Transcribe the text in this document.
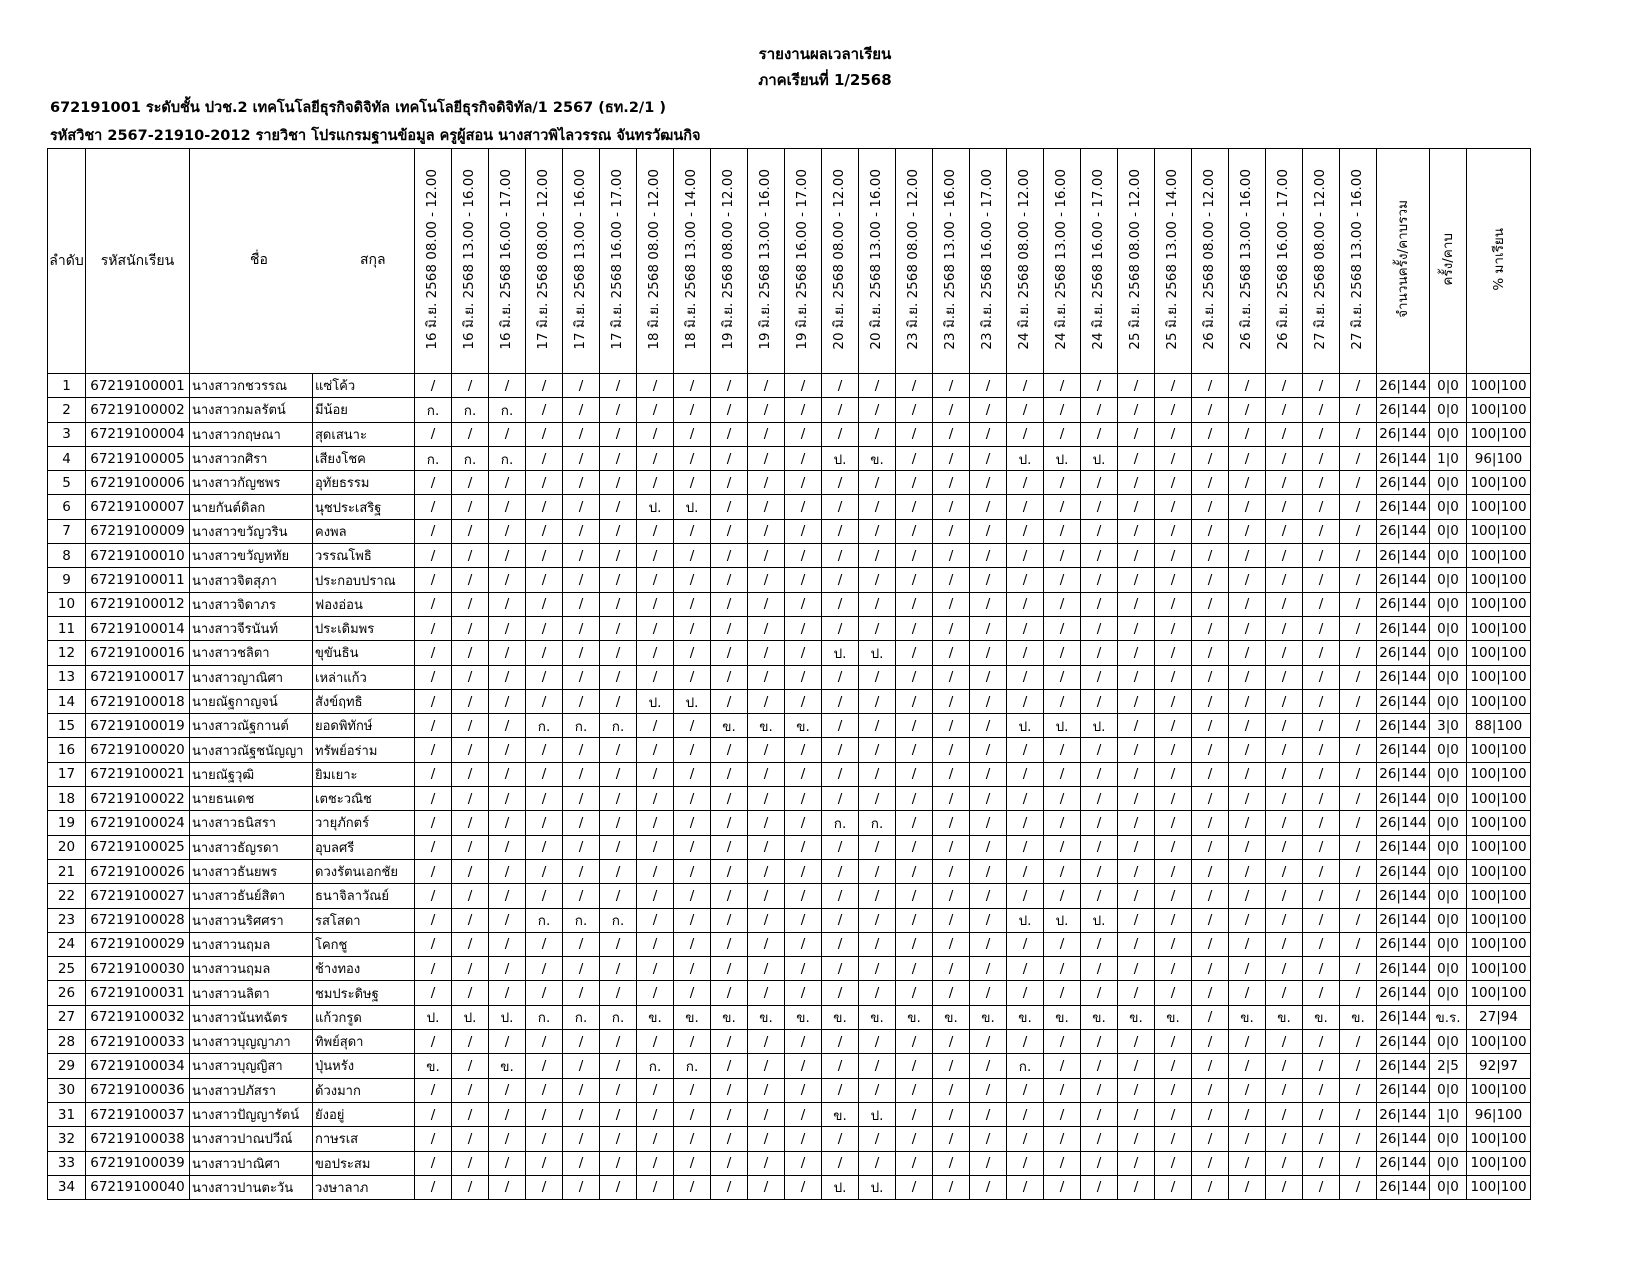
รายงานผลเวลาเรียน
ภาคเรียนที่ 1/2568
672191001 ระดับชั้น ปวช.2 เทคโนโลยีธุรกิจดิจิทัล เทคโนโลยีธุรกิจดิจิทัล/1 2567 (ธท.2/1 )
รหัสวิชา 2567-21910-2012 รายวิชา โปรแกรมฐานข้อมูล ครูผู้สอน นางสาวพิไลวรรณ จันทรวัฒนกิจ
ลำดับ	รหัสนักเรียน	ชื่อ สกุล		16 มิ.ย. 2568 08.00 - 12.00	16 มิ.ย. 2568 13.00 - 16.00	16 มิ.ย. 2568 16.00 - 17.00	17 มิ.ย. 2568 08.00 - 12.00	17 มิ.ย. 2568 13.00 - 16.00	17 มิ.ย. 2568 16.00 - 17.00	18 มิ.ย. 2568 08.00 - 12.00	18 มิ.ย. 2568 13.00 - 14.00	19 มิ.ย. 2568 08.00 - 12.00	19 มิ.ย. 2568 13.00 - 16.00	19 มิ.ย. 2568 16.00 - 17.00	20 มิ.ย. 2568 08.00 - 12.00	20 มิ.ย. 2568 13.00 - 16.00	23 มิ.ย. 2568 08.00 - 12.00	23 มิ.ย. 2568 13.00 - 16.00	23 มิ.ย. 2568 16.00 - 17.00	24 มิ.ย. 2568 08.00 - 12.00	24 มิ.ย. 2568 13.00 - 16.00	24 มิ.ย. 2568 16.00 - 17.00	25 มิ.ย. 2568 08.00 - 12.00	25 มิ.ย. 2568 13.00 - 14.00	26 มิ.ย. 2568 08.00 - 12.00	26 มิ.ย. 2568 13.00 - 16.00	26 มิ.ย. 2568 16.00 - 17.00	27 มิ.ย. 2568 08.00 - 12.00	27 มิ.ย. 2568 13.00 - 16.00	จำนวนครั้ง/คาบรวม	ครั้ง/คาบ	% มาเรียน
1	67219100001	นางสาวกชวรรณ	แซ่โค้ว	/	/	/	/	/	/	/	/	/	/	/	/	/	/	/	/	/	/	/	/	/	/	/	/	/	/	26|144	0|0	100|100
2	67219100002	นางสาวกมลรัตน์	มีน้อย	ก.	ก.	ก.	/	/	/	/	/	/	/	/	/	/	/	/	/	/	/	/	/	/	/	/	/	/	/	26|144	0|0	100|100
3	67219100004	นางสาวกฤษณา	สุดเสนาะ	/	/	/	/	/	/	/	/	/	/	/	/	/	/	/	/	/	/	/	/	/	/	/	/	/	/	26|144	0|0	100|100
4	67219100005	นางสาวกศิรา	เสียงโชค	ก.	ก.	ก.	/	/	/	/	/	/	/	/	ป.	ข.	/	/	/	ป.	ป.	ป.	/	/	/	/	/	/	/	26|144	1|0	96|100
5	67219100006	นางสาวกัญชพร	อุทัยธรรม	/	/	/	/	/	/	/	/	/	/	/	/	/	/	/	/	/	/	/	/	/	/	/	/	/	/	26|144	0|0	100|100
6	67219100007	นายกันต์ดิลก	นุชประเสริฐ	/	/	/	/	/	/	ป.	ป.	/	/	/	/	/	/	/	/	/	/	/	/	/	/	/	/	/	/	26|144	0|0	100|100
7	67219100009	นางสาวขวัญวริน	คงพล	/	/	/	/	/	/	/	/	/	/	/	/	/	/	/	/	/	/	/	/	/	/	/	/	/	/	26|144	0|0	100|100
8	67219100010	นางสาวขวัญหทัย	วรรณโพธิ	/	/	/	/	/	/	/	/	/	/	/	/	/	/	/	/	/	/	/	/	/	/	/	/	/	/	26|144	0|0	100|100
9	67219100011	นางสาวจิตสุภา	ประกอบปราณ	/	/	/	/	/	/	/	/	/	/	/	/	/	/	/	/	/	/	/	/	/	/	/	/	/	/	26|144	0|0	100|100
10	67219100012	นางสาวจิดาภร	ฟองอ่อน	/	/	/	/	/	/	/	/	/	/	/	/	/	/	/	/	/	/	/	/	/	/	/	/	/	/	26|144	0|0	100|100
11	67219100014	นางสาวจีรนันท์	ประเดิมพร	/	/	/	/	/	/	/	/	/	/	/	/	/	/	/	/	/	/	/	/	/	/	/	/	/	/	26|144	0|0	100|100
12	67219100016	นางสาวชลิตา	ขุขันธิน	/	/	/	/	/	/	/	/	/	/	/	ป.	ป.	/	/	/	/	/	/	/	/	/	/	/	/	/	26|144	0|0	100|100
13	67219100017	นางสาวญาณิศา	เหล่าแก้ว	/	/	/	/	/	/	/	/	/	/	/	/	/	/	/	/	/	/	/	/	/	/	/	/	/	/	26|144	0|0	100|100
14	67219100018	นายณัฐกาญจน์	สังข์ฤทธิ	/	/	/	/	/	/	ป.	ป.	/	/	/	/	/	/	/	/	/	/	/	/	/	/	/	/	/	/	26|144	0|0	100|100
15	67219100019	นางสาวณัฐกานต์	ยอดพิทักษ์	/	/	/	ก.	ก.	ก.	/	/	ข.	ข.	ข.	/	/	/	/	/	ป.	ป.	ป.	/	/	/	/	/	/	/	26|144	3|0	88|100
16	67219100020	นางสาวณัฐชนัญญา	ทรัพย์อร่าม	/	/	/	/	/	/	/	/	/	/	/	/	/	/	/	/	/	/	/	/	/	/	/	/	/	/	26|144	0|0	100|100
17	67219100021	นายณัฐวุฒิ	ยิมเยาะ	/	/	/	/	/	/	/	/	/	/	/	/	/	/	/	/	/	/	/	/	/	/	/	/	/	/	26|144	0|0	100|100
18	67219100022	นายธนเดช	เตชะวณิช	/	/	/	/	/	/	/	/	/	/	/	/	/	/	/	/	/	/	/	/	/	/	/	/	/	/	26|144	0|0	100|100
19	67219100024	นางสาวธนิสรา	วายุภักตร์	/	/	/	/	/	/	/	/	/	/	/	ก.	ก.	/	/	/	/	/	/	/	/	/	/	/	/	/	26|144	0|0	100|100
20	67219100025	นางสาวธัญรดา	อุบลศรี	/	/	/	/	/	/	/	/	/	/	/	/	/	/	/	/	/	/	/	/	/	/	/	/	/	/	26|144	0|0	100|100
21	67219100026	นางสาวธันยพร	ดวงรัตนเอกชัย	/	/	/	/	/	/	/	/	/	/	/	/	/	/	/	/	/	/	/	/	/	/	/	/	/	/	26|144	0|0	100|100
22	67219100027	นางสาวธันย์สิตา	ธนาจิลาวัณย์	/	/	/	/	/	/	/	/	/	/	/	/	/	/	/	/	/	/	/	/	/	/	/	/	/	/	26|144	0|0	100|100
23	67219100028	นางสาวนริศศรา	รสโสดา	/	/	/	ก.	ก.	ก.	/	/	/	/	/	/	/	/	/	/	ป.	ป.	ป.	/	/	/	/	/	/	/	26|144	0|0	100|100
24	67219100029	นางสาวนฤมล	โคกชู	/	/	/	/	/	/	/	/	/	/	/	/	/	/	/	/	/	/	/	/	/	/	/	/	/	/	26|144	0|0	100|100
25	67219100030	นางสาวนฤมล	ช้างทอง	/	/	/	/	/	/	/	/	/	/	/	/	/	/	/	/	/	/	/	/	/	/	/	/	/	/	26|144	0|0	100|100
26	67219100031	นางสาวนลิตา	ชมประดิษฐ	/	/	/	/	/	/	/	/	/	/	/	/	/	/	/	/	/	/	/	/	/	/	/	/	/	/	26|144	0|0	100|100
27	67219100032	นางสาวนันทฉัตร	แก้วกรูด	ป.	ป.	ป.	ก.	ก.	ก.	ข.	ข.	ข.	ข.	ข.	ข.	ข.	ข.	ข.	ข.	ข.	ข.	ข.	ข.	ข.	/	ข.	ข.	ข.	ข.	26|144	ข.ร.	27|94
28	67219100033	นางสาวบุญญาภา	ทิพย์สุดา	/	/	/	/	/	/	/	/	/	/	/	/	/	/	/	/	/	/	/	/	/	/	/	/	/	/	26|144	0|0	100|100
29	67219100034	นางสาวบุญญิสา	ปุ่นหรัง	ข.	/	ข.	/	/	/	ก.	ก.	/	/	/	/	/	/	/	/	ก.	/	/	/	/	/	/	/	/	/	26|144	2|5	92|97
30	67219100036	นางสาวปภัสรา	ด้วงมาก	/	/	/	/	/	/	/	/	/	/	/	/	/	/	/	/	/	/	/	/	/	/	/	/	/	/	26|144	0|0	100|100
31	67219100037	นางสาวปัญญารัตน์	ยังอยู่	/	/	/	/	/	/	/	/	/	/	/	ข.	ป.	/	/	/	/	/	/	/	/	/	/	/	/	/	26|144	1|0	96|100
32	67219100038	นางสาวปาณปวีณ์	กาษรเส	/	/	/	/	/	/	/	/	/	/	/	/	/	/	/	/	/	/	/	/	/	/	/	/	/	/	26|144	0|0	100|100
33	67219100039	นางสาวปาณิศา	ขอประสม	/	/	/	/	/	/	/	/	/	/	/	/	/	/	/	/	/	/	/	/	/	/	/	/	/	/	26|144	0|0	100|100
34	67219100040	นางสาวปานตะวัน	วงษาลาภ	/	/	/	/	/	/	/	/	/	/	/	ป.	ป.	/	/	/	/	/	/	/	/	/	/	/	/	/	26|144	0|0	100|100
